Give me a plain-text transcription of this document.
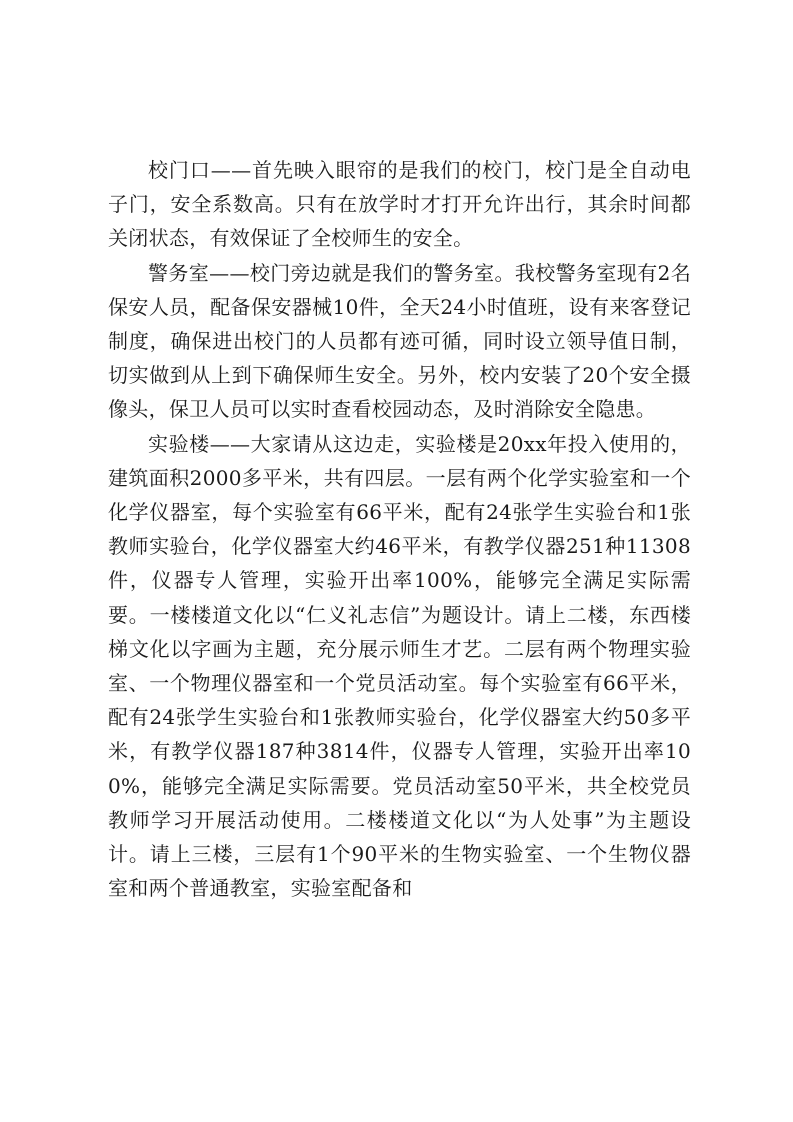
校门口——首先映入眼帘的是我们的校门，校门是全自动电子门，安全系数高。只有在放学时才打开允许出行，其余时间都关闭状态，有效保证了全校师生的安全。

警务室——校门旁边就是我们的警务室。我校警务室现有2名保安人员，配备保安器械10件，全天24小时值班，设有来客登记制度，确保进出校门的人员都有迹可循，同时设立领导值日制，切实做到从上到下确保师生安全。另外，校内安装了20个安全摄像头，保卫人员可以实时查看校园动态，及时消除安全隐患。

实验楼——大家请从这边走，实验楼是20xx年投入使用的，建筑面积2000多平米，共有四层。一层有两个化学实验室和一个化学仪器室，每个实验室有66平米，配有24张学生实验台和1张教师实验台，化学仪器室大约46平米，有教学仪器251种11308件，仪器专人管理，实验开出率100%，能够完全满足实际需要。一楼楼道文化以“仁义礼志信”为题设计。请上二楼，东西楼梯文化以字画为主题，充分展示师生才艺。二层有两个物理实验室、一个物理仪器室和一个党员活动室。每个实验室有66平米，配有24张学生实验台和1张教师实验台，化学仪器室大约50多平米，有教学仪器187种3814件，仪器专人管理，实验开出率100%，能够完全满足实际需要。党员活动室50平米，共全校党员教师学习开展活动使用。二楼楼道文化以“为人处事”为主题设计。请上三楼，三层有1个90平米的生物实验室、一个生物仪器室和两个普通教室，实验室配备和
